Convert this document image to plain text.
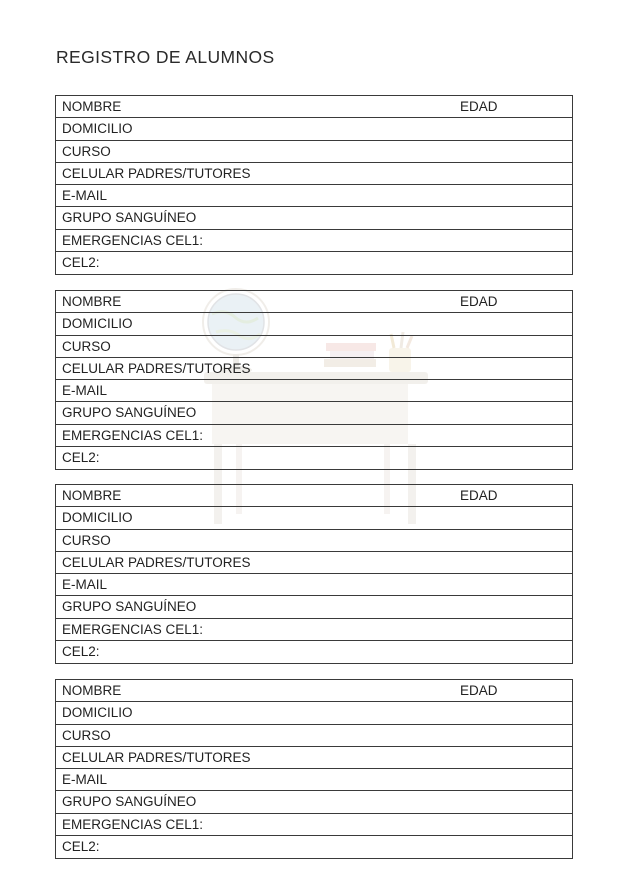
REGISTRO DE ALUMNOS
NOMBRE	EDAD
DOMICILIO
CURSO
CELULAR PADRES/TUTORES
E-MAIL
GRUPO SANGUÍNEO
EMERGENCIAS CEL1:
CEL2:
NOMBRE	EDAD
DOMICILIO
CURSO
CELULAR PADRES/TUTORES
E-MAIL
GRUPO SANGUÍNEO
EMERGENCIAS CEL1:
CEL2:
NOMBRE	EDAD
DOMICILIO
CURSO
CELULAR PADRES/TUTORES
E-MAIL
GRUPO SANGUÍNEO
EMERGENCIAS CEL1:
CEL2:
NOMBRE	EDAD
DOMICILIO
CURSO
CELULAR PADRES/TUTORES
E-MAIL
GRUPO SANGUÍNEO
EMERGENCIAS CEL1:
CEL2:
